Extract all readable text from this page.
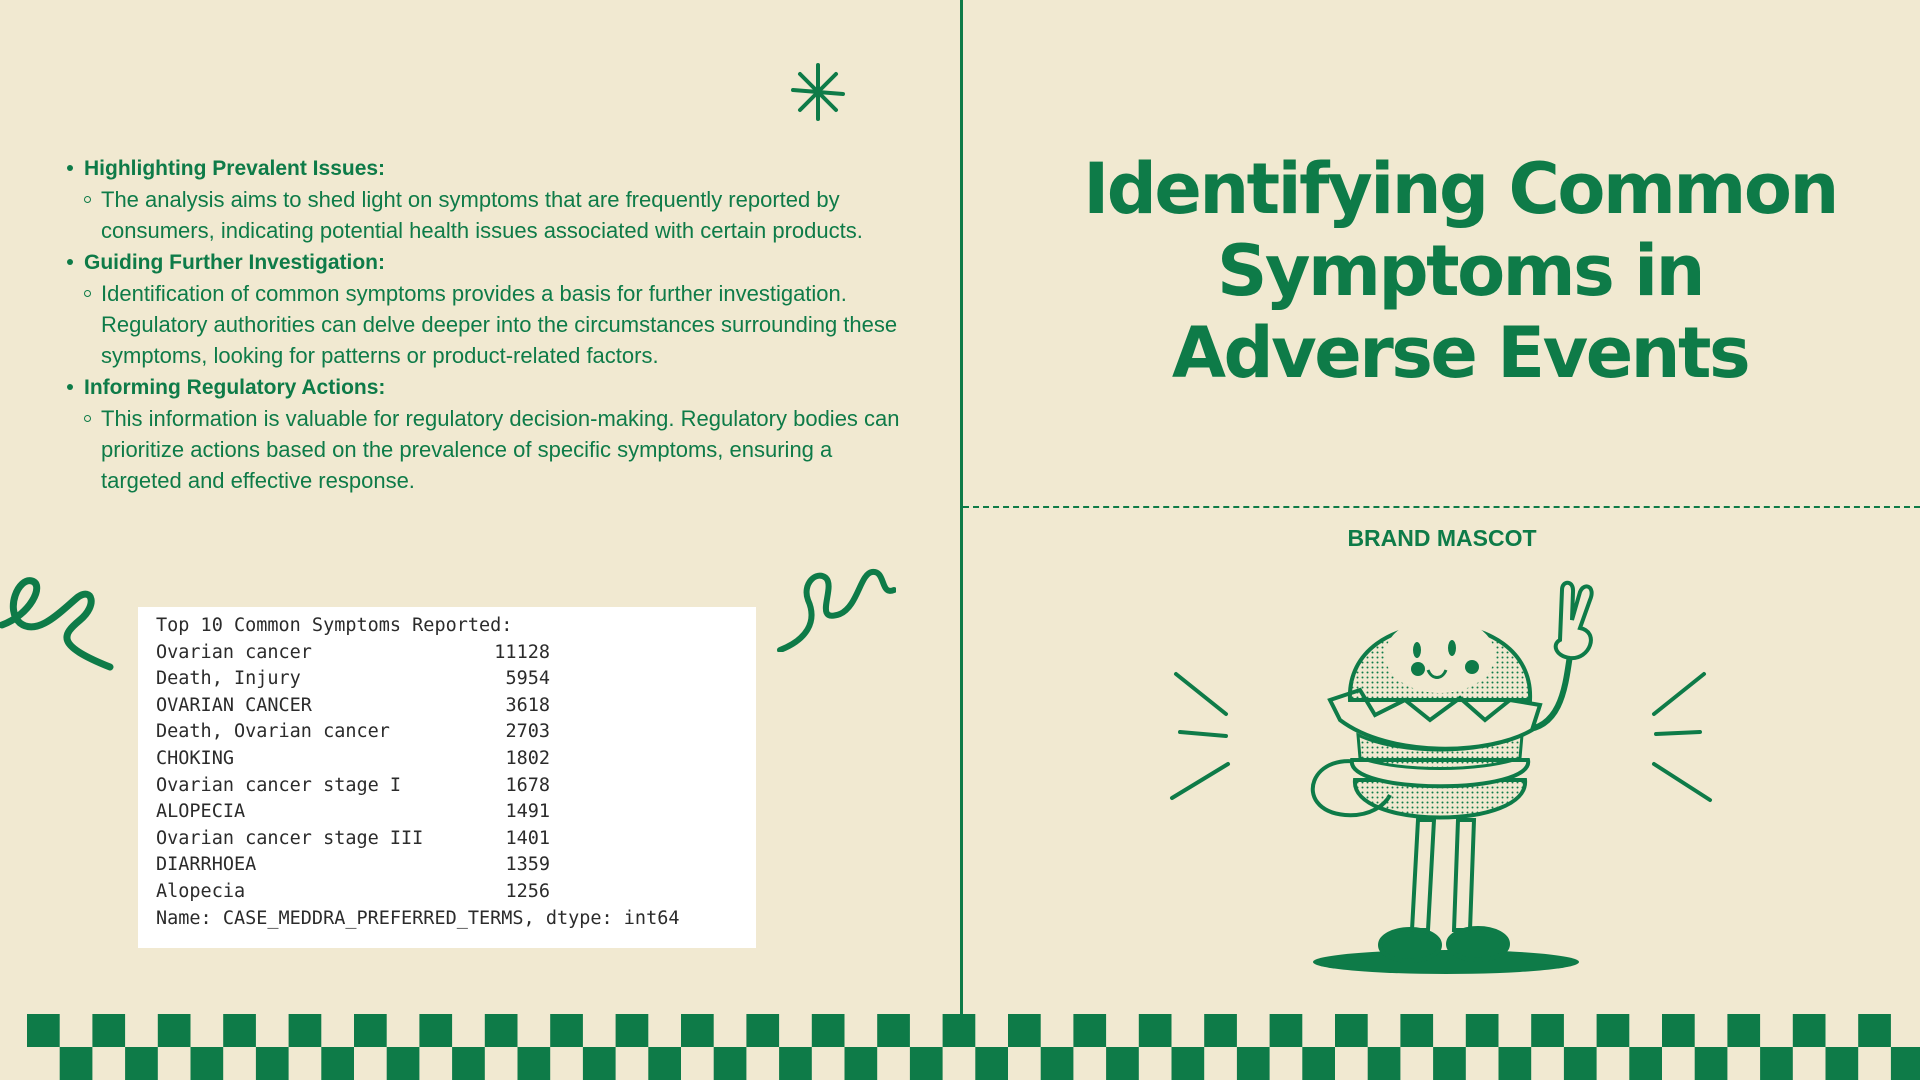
Highlighting Prevalent Issues:
The analysis aims to shed light on symptoms that are frequently reported by consumers, indicating potential health issues associated with certain products.
Guiding Further Investigation:
Identification of common symptoms provides a basis for further investigation. Regulatory authorities can delve deeper into the circumstances surrounding these symptoms, looking for patterns or product-related factors.
Informing Regulatory Actions:
This information is valuable for regulatory decision-making. Regulatory bodies can prioritize actions based on the prevalence of specific symptoms, ensuring a targeted and effective response.
Top 10 Common Symptoms Reported:
Ovarian cancer	11128
Death, Injury	5954
OVARIAN CANCER	3618
Death, Ovarian cancer	2703
CHOKING	1802
Ovarian cancer stage I	1678
ALOPECIA	1491
Ovarian cancer stage III	1401
DIARRHOEA	1359
Alopecia	1256
Name: CASE_MEDDRA_PREFERRED_TERMS, dtype: int64
Identifying Common Symptoms in Adverse Events
BRAND MASCOT
